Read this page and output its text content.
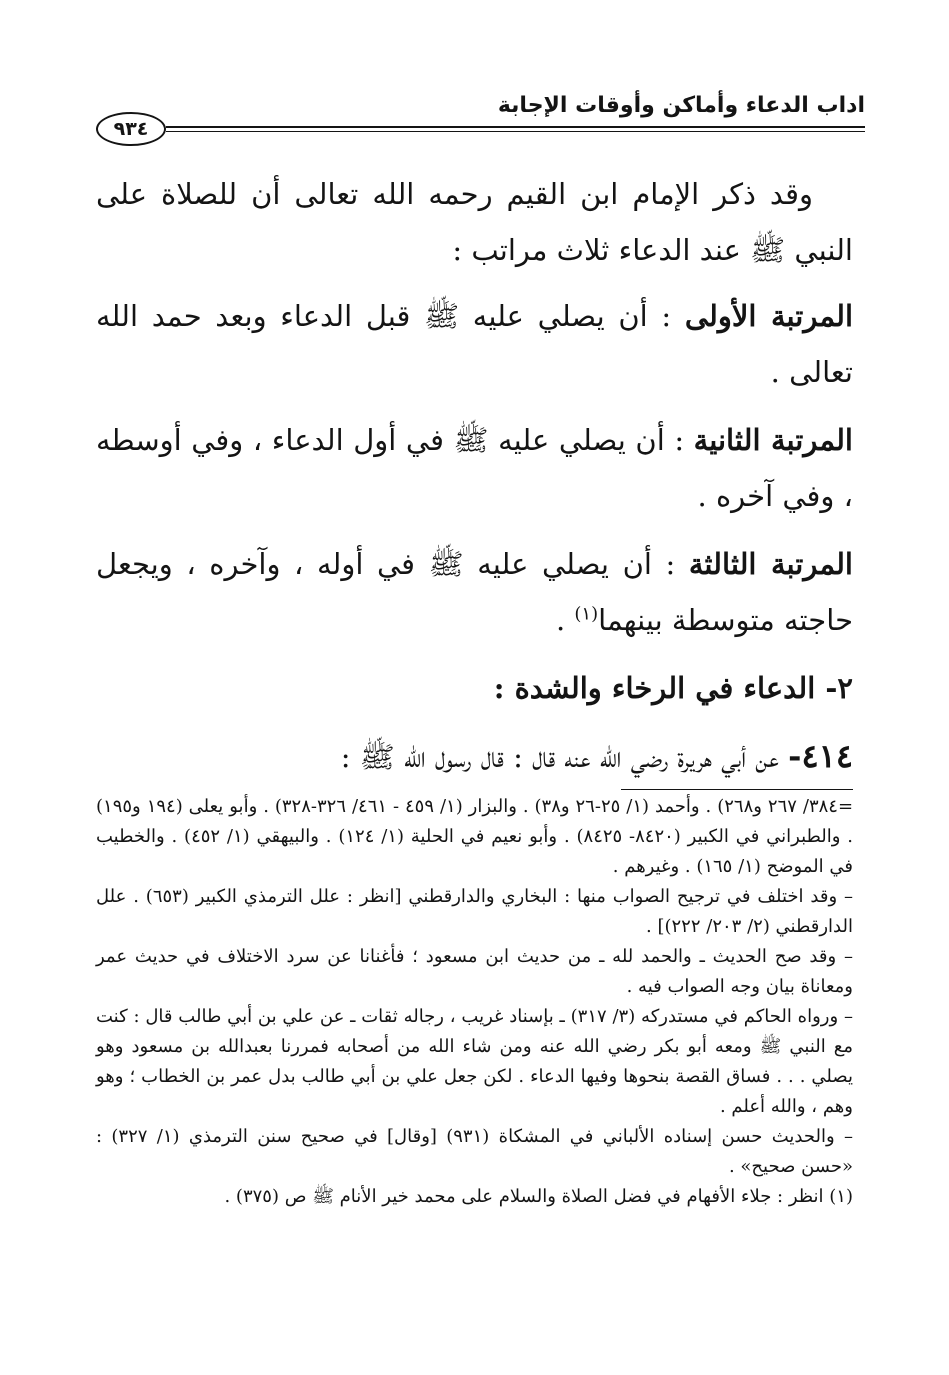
اداب الدعاء وأماكن وأوقات الإجابة
٩٣٤

وقد ذكر الإمام ابن القيم رحمه الله تعالى أن للصلاة على النبي ﷺ عند الدعاء ثلاث مراتب :

المرتبة الأولى : أن يصلي عليه ﷺ قبل الدعاء وبعد حمد الله تعالى .

المرتبة الثانية : أن يصلي عليه ﷺ في أول الدعاء ، وفي أوسطه ، وفي آخره .

المرتبة الثالثة : أن يصلي عليه ﷺ في أوله ، وآخره ، ويجعل حاجته متوسطة بينهما$^{(١)}$ .

٢- الدعاء في الرخاء والشدة :

٤١٤- عن أبي هريرة رضي الله عنه قال : قال رسول الله ﷺ :

=٣٨٤/ ٢٦٧ و٢٦٨) . وأحمد (١/ ٢٥-٢٦ و٣٨) . والبزار (١/ ٤٥٩ - ٤٦١/ ٣٢٦-٣٢٨) . وأبو يعلى (١٩٤ و١٩٥) . والطبراني في الكبير (٨٤٢٠- ٨٤٢٥) . وأبو نعيم في الحلية (١/ ١٢٤) . والبيهقي (١/ ٤٥٢) . والخطيب في الموضح (١/ ١٦٥) . وغيرهم .

– وقد اختلف في ترجيح الصواب منها : البخاري والدارقطني [انظر : علل الترمذي الكبير (٦٥٣) . علل الدارقطني (٢/ ٢٠٣/ ٢٢٢)] .

– وقد صح الحديث ـ والحمد لله ـ من حديث ابن مسعود ؛ فأغنانا عن سرد الاختلاف في حديث عمر ومعاناة بيان وجه الصواب فيه .

– ورواه الحاكم في مستدركه (٣/ ٣١٧) ـ بإسناد غريب ، رجاله ثقات ـ عن علي بن أبي طالب قال : كنت مع النبي ﷺ ومعه أبو بكر رضي الله عنه ومن شاء الله من أصحابه فمررنا بعبدالله بن مسعود وهو يصلي . . . فساق القصة بنحوها وفيها الدعاء . لكن جعل علي بن أبي طالب بدل عمر بن الخطاب ؛ وهو وهم ، والله أعلم .

– والحديث حسن إسناده الألباني في المشكاة (٩٣١) [وقال] في صحيح سنن الترمذي (١/ ٣٢٧) : «حسن صحيح» .

(١) انظر : جلاء الأفهام في فضل الصلاة والسلام على محمد خير الأنام ﷺ ص (٣٧٥) .
